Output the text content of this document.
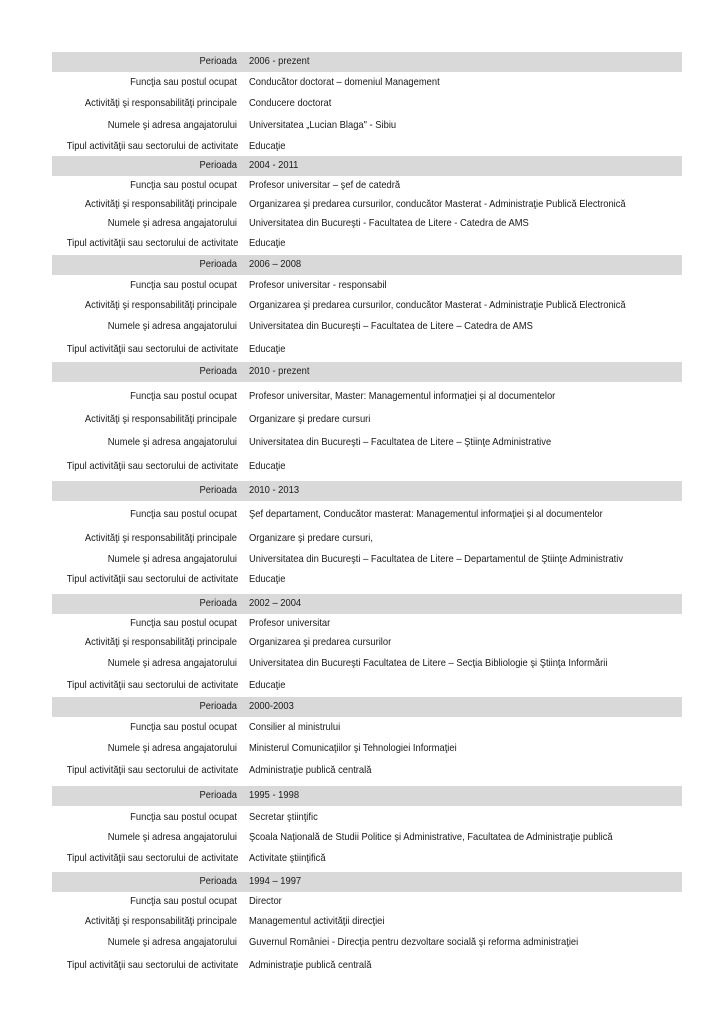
Perioada 2006 - prezent
Funcţia sau postul ocupat Conducător doctorat – domeniul Management
Activităţi şi responsabilităţi principale Conducere doctorat
Numele şi adresa angajatorului Universitatea „Lucian Blaga" - Sibiu
Tipul activităţii sau sectorului de activitate Educaţie
Perioada 2004 - 2011
Funcţia sau postul ocupat Profesor universitar – şef de catedră
Activităţi şi responsabilităţi principale Organizarea şi predarea cursurilor, conducător Masterat - Administraţie Publică Electronică
Numele şi adresa angajatorului Universitatea din Bucureşti - Facultatea de Litere - Catedra de AMS
Tipul activităţii sau sectorului de activitate Educaţie
Perioada 2006 – 2008
Funcţia sau postul ocupat Profesor universitar - responsabil
Activităţi şi responsabilităţi principale Organizarea şi predarea cursurilor, conducător Masterat - Administraţie Publică Electronică
Numele şi adresa angajatorului Universitatea din Bucureşti – Facultatea de Litere – Catedra de AMS
Tipul activităţii sau sectorului de activitate Educaţie
Perioada 2010 - prezent
Funcţia sau postul ocupat Profesor universitar, Master: Managementul informaţiei și al documentelor
Activităţi şi responsabilităţi principale Organizare şi predare cursuri
Numele şi adresa angajatorului Universitatea din Bucureşti – Facultatea de Litere – Ştiinţe Administrative
Tipul activităţii sau sectorului de activitate Educaţie
Perioada 2010 - 2013
Funcţia sau postul ocupat Şef departament, Conducător masterat: Managementul informaţiei și al documentelor
Activităţi şi responsabilităţi principale Organizare şi predare cursuri,
Numele şi adresa angajatorului Universitatea din Bucureşti – Facultatea de Litere – Departamentul de Ştiinţe Administrativ
Tipul activităţii sau sectorului de activitate Educaţie
Perioada 2002 – 2004
Funcţia sau postul ocupat Profesor universitar
Activităţi şi responsabilităţi principale Organizarea şi predarea cursurilor
Numele şi adresa angajatorului Universitatea din Bucureşti Facultatea de Litere – Secţia Bibliologie şi Ştiinţa Informării
Tipul activităţii sau sectorului de activitate Educaţie
Perioada 2000-2003
Funcţia sau postul ocupat Consilier al ministrului
Numele şi adresa angajatorului Ministerul Comunicaţiilor şi Tehnologiei Informaţiei
Tipul activităţii sau sectorului de activitate Administraţie publică centrală
Perioada 1995 - 1998
Funcţia sau postul ocupat Secretar ştiinţific
Numele şi adresa angajatorului Şcoala Naţională de Studii Politice și Administrative, Facultatea de Administraţie publică
Tipul activităţii sau sectorului de activitate Activitate ştiinţifică
Perioada 1994 – 1997
Funcţia sau postul ocupat Director
Activităţi şi responsabilităţi principale Managementul activităţii direcţiei
Numele şi adresa angajatorului Guvernul României - Direcţia pentru dezvoltare socială şi reforma administraţiei
Tipul activităţii sau sectorului de activitate Administraţie publică centrală
